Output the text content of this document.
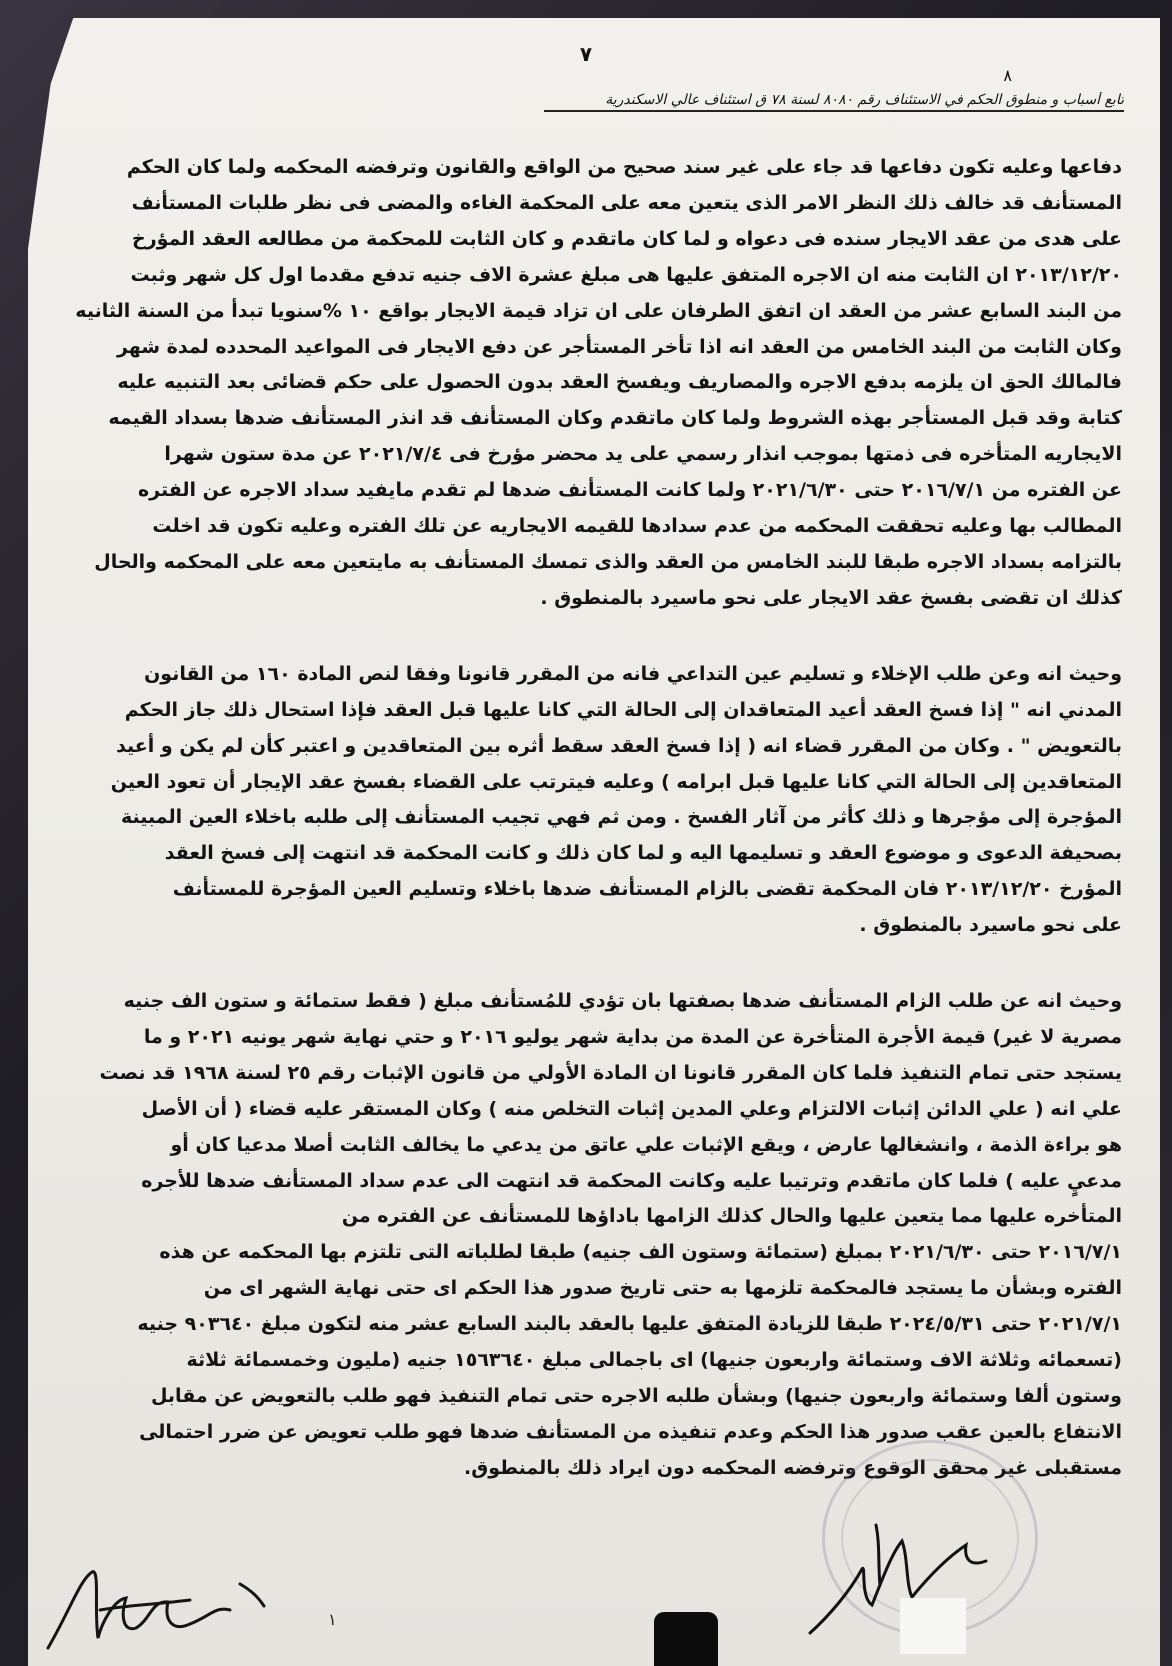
٧
٨
تابع أسباب و منطوق الحكم في الاستئناف رقم ٨٠٨٠ لسنة ٧٨ ق استئناف عالي الاسكندرية
دفاعها وعليه تكون دفاعها قد جاء على غير سند صحيح من الواقع والقانون وترفضه المحكمه ولما كان الحكم
المستأنف قد خالف ذلك النظر الامر الذى يتعين معه على المحكمة الغاءه والمضى فى نظر طلبات المستأنف
على هدى من عقد الايجار سنده فى دعواه و لما كان ماتقدم و كان الثابت للمحكمة من مطالعه العقد المؤرخ
٢٠١٣/١٢/٢٠ ان الثابت منه ان الاجره المتفق عليها هى مبلغ عشرة الاف جنيه تدفع مقدما اول كل شهر وثبت
من البند السابع عشر من العقد ان اتفق الطرفان على ان تزاد قيمة الايجار بواقع ١٠ %سنويا تبدأ من السنة الثانيه
وكان الثابت من البند الخامس من العقد انه اذا تأخر المستأجر عن دفع الايجار فى المواعيد المحدده لمدة شهر
فالمالك الحق ان يلزمه بدفع الاجره والمصاريف ويفسخ العقد بدون الحصول على حكم قضائى بعد التنبيه عليه
كتابة وقد قبل المستأجر بهذه الشروط ولما كان ماتقدم وكان المستأنف قد انذر المستأنف ضدها بسداد القيمه
الايجاريه المتأخره فى ذمتها بموجب انذار رسمي على يد محضر مؤرخ فى ٢٠٢١/٧/٤ عن مدة ستون شهرا
عن الفتره من ٢٠١٦/٧/١ حتى ٢٠٢١/٦/٣٠ ولما كانت المستأنف ضدها لم تقدم مايفيد سداد الاجره عن الفتره
المطالب بها وعليه تحققت المحكمه من عدم سدادها للقيمه الايجاريه عن تلك الفتره وعليه تكون قد اخلت
بالتزامه بسداد الاجره طبقا للبند الخامس من العقد والذى تمسك المستأنف به مايتعين معه على المحكمه والحال
كذلك ان تقضى بفسخ عقد الايجار على نحو ماسيرد بالمنطوق .
وحيث انه وعن طلب الإخلاء و تسليم عين التداعي فانه من المقرر قانونا وفقا لنص المادة ١٦٠ من القانون
المدني انه " إذا فسخ العقد أعيد المتعاقدان إلى الحالة التي كانا عليها قبل العقد فإذا استحال ذلك جاز الحكم
بالتعويض " . وكان من المقرر قضاء انه ( إذا فسخ العقد سقط أثره بين المتعاقدين و اعتبر كأن لم يكن و أعيد
المتعاقدين إلى الحالة التي كانا عليها قبل ابرامه ) وعليه فيترتب على القضاء بفسخ عقد الإيجار أن تعود العين
المؤجرة إلى مؤجرها و ذلك كأثر من آثار الفسخ . ومن ثم فهي تجيب المستأنف إلى طلبه باخلاء العين المبينة
بصحيفة الدعوى و موضوع العقد و تسليمها اليه و لما كان ذلك و كانت المحكمة قد انتهت إلى فسخ العقد
المؤرخ ٢٠١٣/١٢/٢٠ فان المحكمة تقضى بالزام المستأنف ضدها باخلاء وتسليم العين المؤجرة للمستأنف
على نحو ماسيرد بالمنطوق .
وحيث انه عن طلب الزام المستأنف ضدها بصفتها بان تؤدي للمُستأنف مبلغ ( فقط ستمائة و ستون الف جنيه
مصرية لا غير) قيمة الأجرة المتأخرة عن المدة من بداية شهر يوليو ٢٠١٦ و حتي نهاية شهر يونيه ٢٠٢١ و ما
يستجد حتى تمام التنفيذ فلما كان المقرر قانونا ان المادة الأولي من قانون الإثبات رقم ٢٥ لسنة ١٩٦٨ قد نصت
علي انه ( علي الدائن إثبات الالتزام وعلي المدين إثبات التخلص منه ) وكان المستقر عليه قضاء ( أن الأصل
هو براءة الذمة ، وانشغالها عارض ، ويقع الإثبات علي عاتق من يدعي ما يخالف الثابت أصلا مدعيا كان أو
مدعيٍ عليه ) فلما كان ماتقدم وترتيبا عليه وكانت المحكمة قد انتهت الى عدم سداد المستأنف ضدها للأجره
المتأخره عليها مما يتعين عليها والحال كذلك الزامها باداؤها للمستأنف عن الفتره من
٢٠١٦/٧/١ حتى ٢٠٢١/٦/٣٠ بمبلغ (ستمائة وستون الف جنيه) طبقا لطلباته التى تلتزم بها المحكمه عن هذه
الفتره وبشأن ما يستجد فالمحكمة تلزمها به حتى تاريخ صدور هذا الحكم اى حتى نهاية الشهر اى من
٢٠٢١/٧/١ حتى ٢٠٢٤/٥/٣١ طبقا للزيادة المتفق عليها بالعقد بالبند السابع عشر منه لتكون مبلغ ٩٠٣٦٤٠ جنيه
(تسعمائه وثلاثة الاف وستمائة واربعون جنيها) اى باجمالى مبلغ ١٥٦٣٦٤٠ جنيه (مليون وخمسمائة ثلاثة
وستون ألفا وستمائة واربعون جنيها) وبشأن طلبه الاجره حتى تمام التنفيذ فهو طلب بالتعويض عن مقابل
الانتفاع بالعين عقب صدور هذا الحكم وعدم تنفيذه من المستأنف ضدها فهو طلب تعويض عن ضرر احتمالى
مستقبلى غير محقق الوقوع وترفضه المحكمه دون ايراد ذلك بالمنطوق.
١
